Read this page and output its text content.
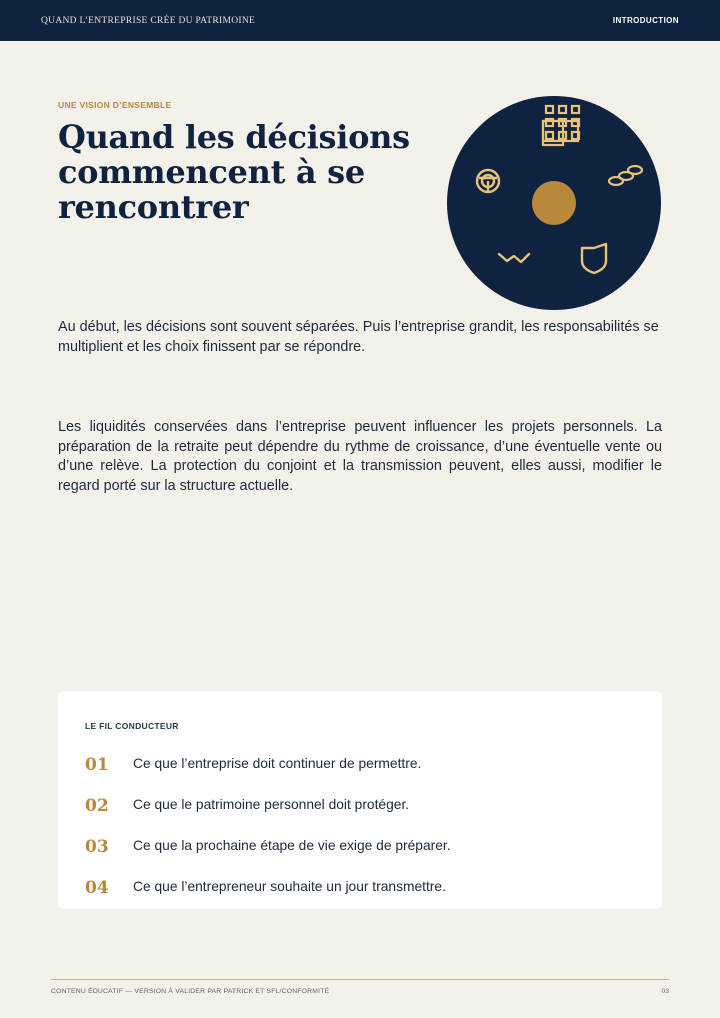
QUAND L’ENTREPRISE CRÉE DU PATRIMOINE	INTRODUCTION
UNE VISION D’ENSEMBLE
Quand les décisions commencent à se rencontrer

Au début, les décisions sont souvent séparées. Puis l’entreprise grandit, les responsabilités se multiplient et les choix finissent par se répondre.

Les liquidités conservées dans l’entreprise peuvent influencer les projets personnels. La préparation de la retraite peut dépendre du rythme de croissance, d’une éventuelle vente ou d’une relève. La protection du conjoint et la transmission peuvent, elles aussi, modifier le regard porté sur la structure actuelle.

LE FIL CONDUCTEUR
01	Ce que l’entreprise doit continuer de permettre.
02	Ce que le patrimoine personnel doit protéger.
03	Ce que la prochaine étape de vie exige de préparer.
04	Ce que l’entrepreneur souhaite un jour transmettre.
CONTENU ÉDUCATIF — VERSION À VALIDER PAR PATRICK ET SFL/CONFORMITÉ	03
